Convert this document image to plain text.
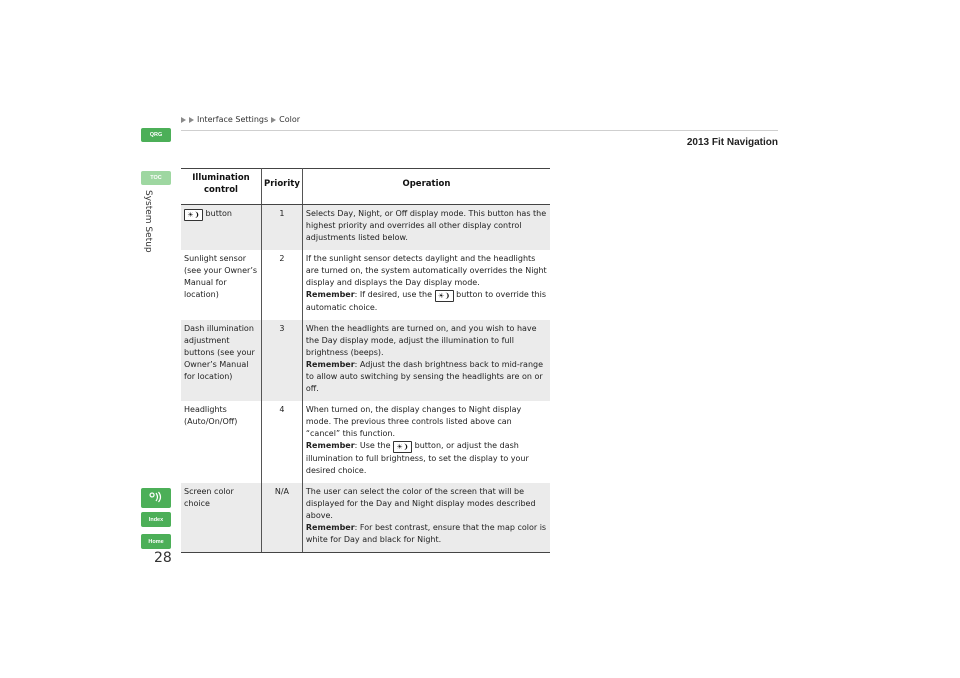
Interface Settings Color
2013 Fit Navigation
QRG
TOC
System Setup
Index
Home
28
Illumination control	Priority	Operation
☀❩ button	1	Selects Day, Night, or Off display mode. This button has the highest priority and overrides all other display control adjustments listed below.
Sunlight sensor (see your Owner’s Manual for location)	2	If the sunlight sensor detects daylight and the headlights are turned on, the system automatically overrides the Night display and displays the Day display mode.
Remember: If desired, use the ☀❩ button to override this automatic choice.
Dash illumination adjustment buttons (see your Owner’s Manual for location)	3	When the headlights are turned on, and you wish to have the Day display mode, adjust the illumination to full brightness (beeps).
Remember: Adjust the dash brightness back to mid-range to allow auto switching by sensing the headlights are on or off.
Headlights (Auto/On/Off)	4	When turned on, the display changes to Night display mode. The previous three controls listed above can “cancel” this function.
Remember: Use the ☀❩ button, or adjust the dash illumination to full brightness, to set the display to your desired choice.
Screen color choice	N/A	The user can select the color of the screen that will be displayed for the Day and Night display modes described above.
Remember: For best contrast, ensure that the map color is white for Day and black for Night.
